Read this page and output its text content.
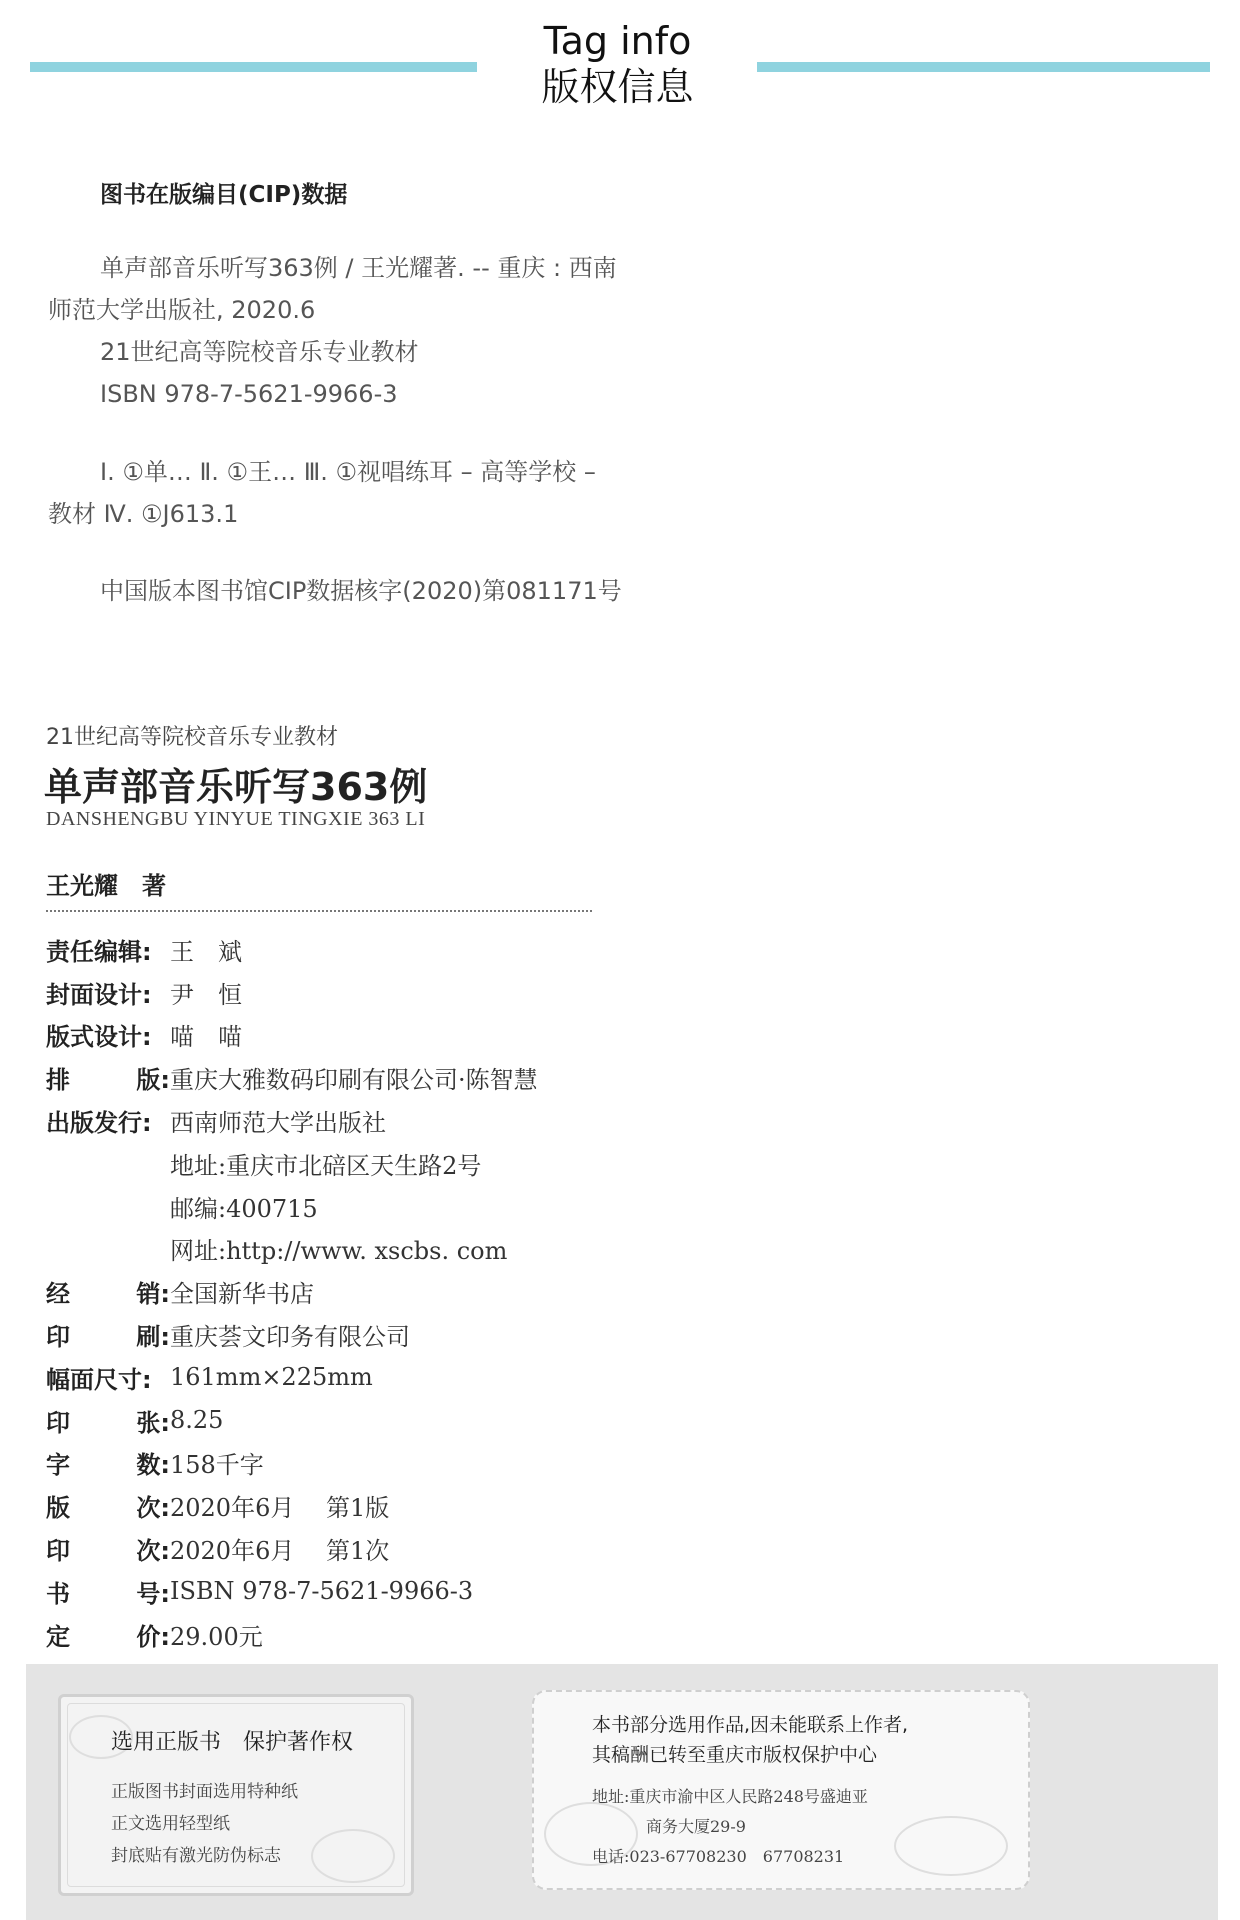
Tag info
版权信息
图书在版编目(CIP)数据
单声部音乐听写363例 / 王光耀著. -- 重庆 : 西南
师范大学出版社, 2020.6
21世纪高等院校音乐专业教材
ISBN 978-7-5621-9966-3
Ⅰ. ①单… Ⅱ. ①王… Ⅲ. ①视唱练耳 – 高等学校 –
教材 Ⅳ. ①J613.1
中国版本图书馆CIP数据核字(2020)第081171号
21世纪高等院校音乐专业教材
单声部音乐听写363例
DANSHENGBU YINYUE TINGXIE 363 LI
王光耀　著
责任编辑: 王　斌
封面设计: 尹　恒
版式设计: 喵　喵
排	版: 重庆大雅数码印刷有限公司·陈智慧
出版发行: 西南师范大学出版社
地址:重庆市北碚区天生路2号
邮编:400715
网址:http://www. xscbs. com
经	销: 全国新华书店
印	刷: 重庆荟文印务有限公司
幅面尺寸: 161mm×225mm
印	张: 8.25
字	数: 158千字
版	次: 2020年6月　 第1版
印	次: 2020年6月　 第1次
书	号: ISBN 978-7-5621-9966-3
定	价: 29.00元
选用正版书　保护著作权
正版图书封面选用特种纸
正文选用轻型纸
封底贴有激光防伪标志
本书部分选用作品,因未能联系上作者,
其稿酬已转至重庆市版权保护中心
地址:重庆市渝中区人民路248号盛迪亚
商务大厦29-9
电话:023-67708230　67708231
